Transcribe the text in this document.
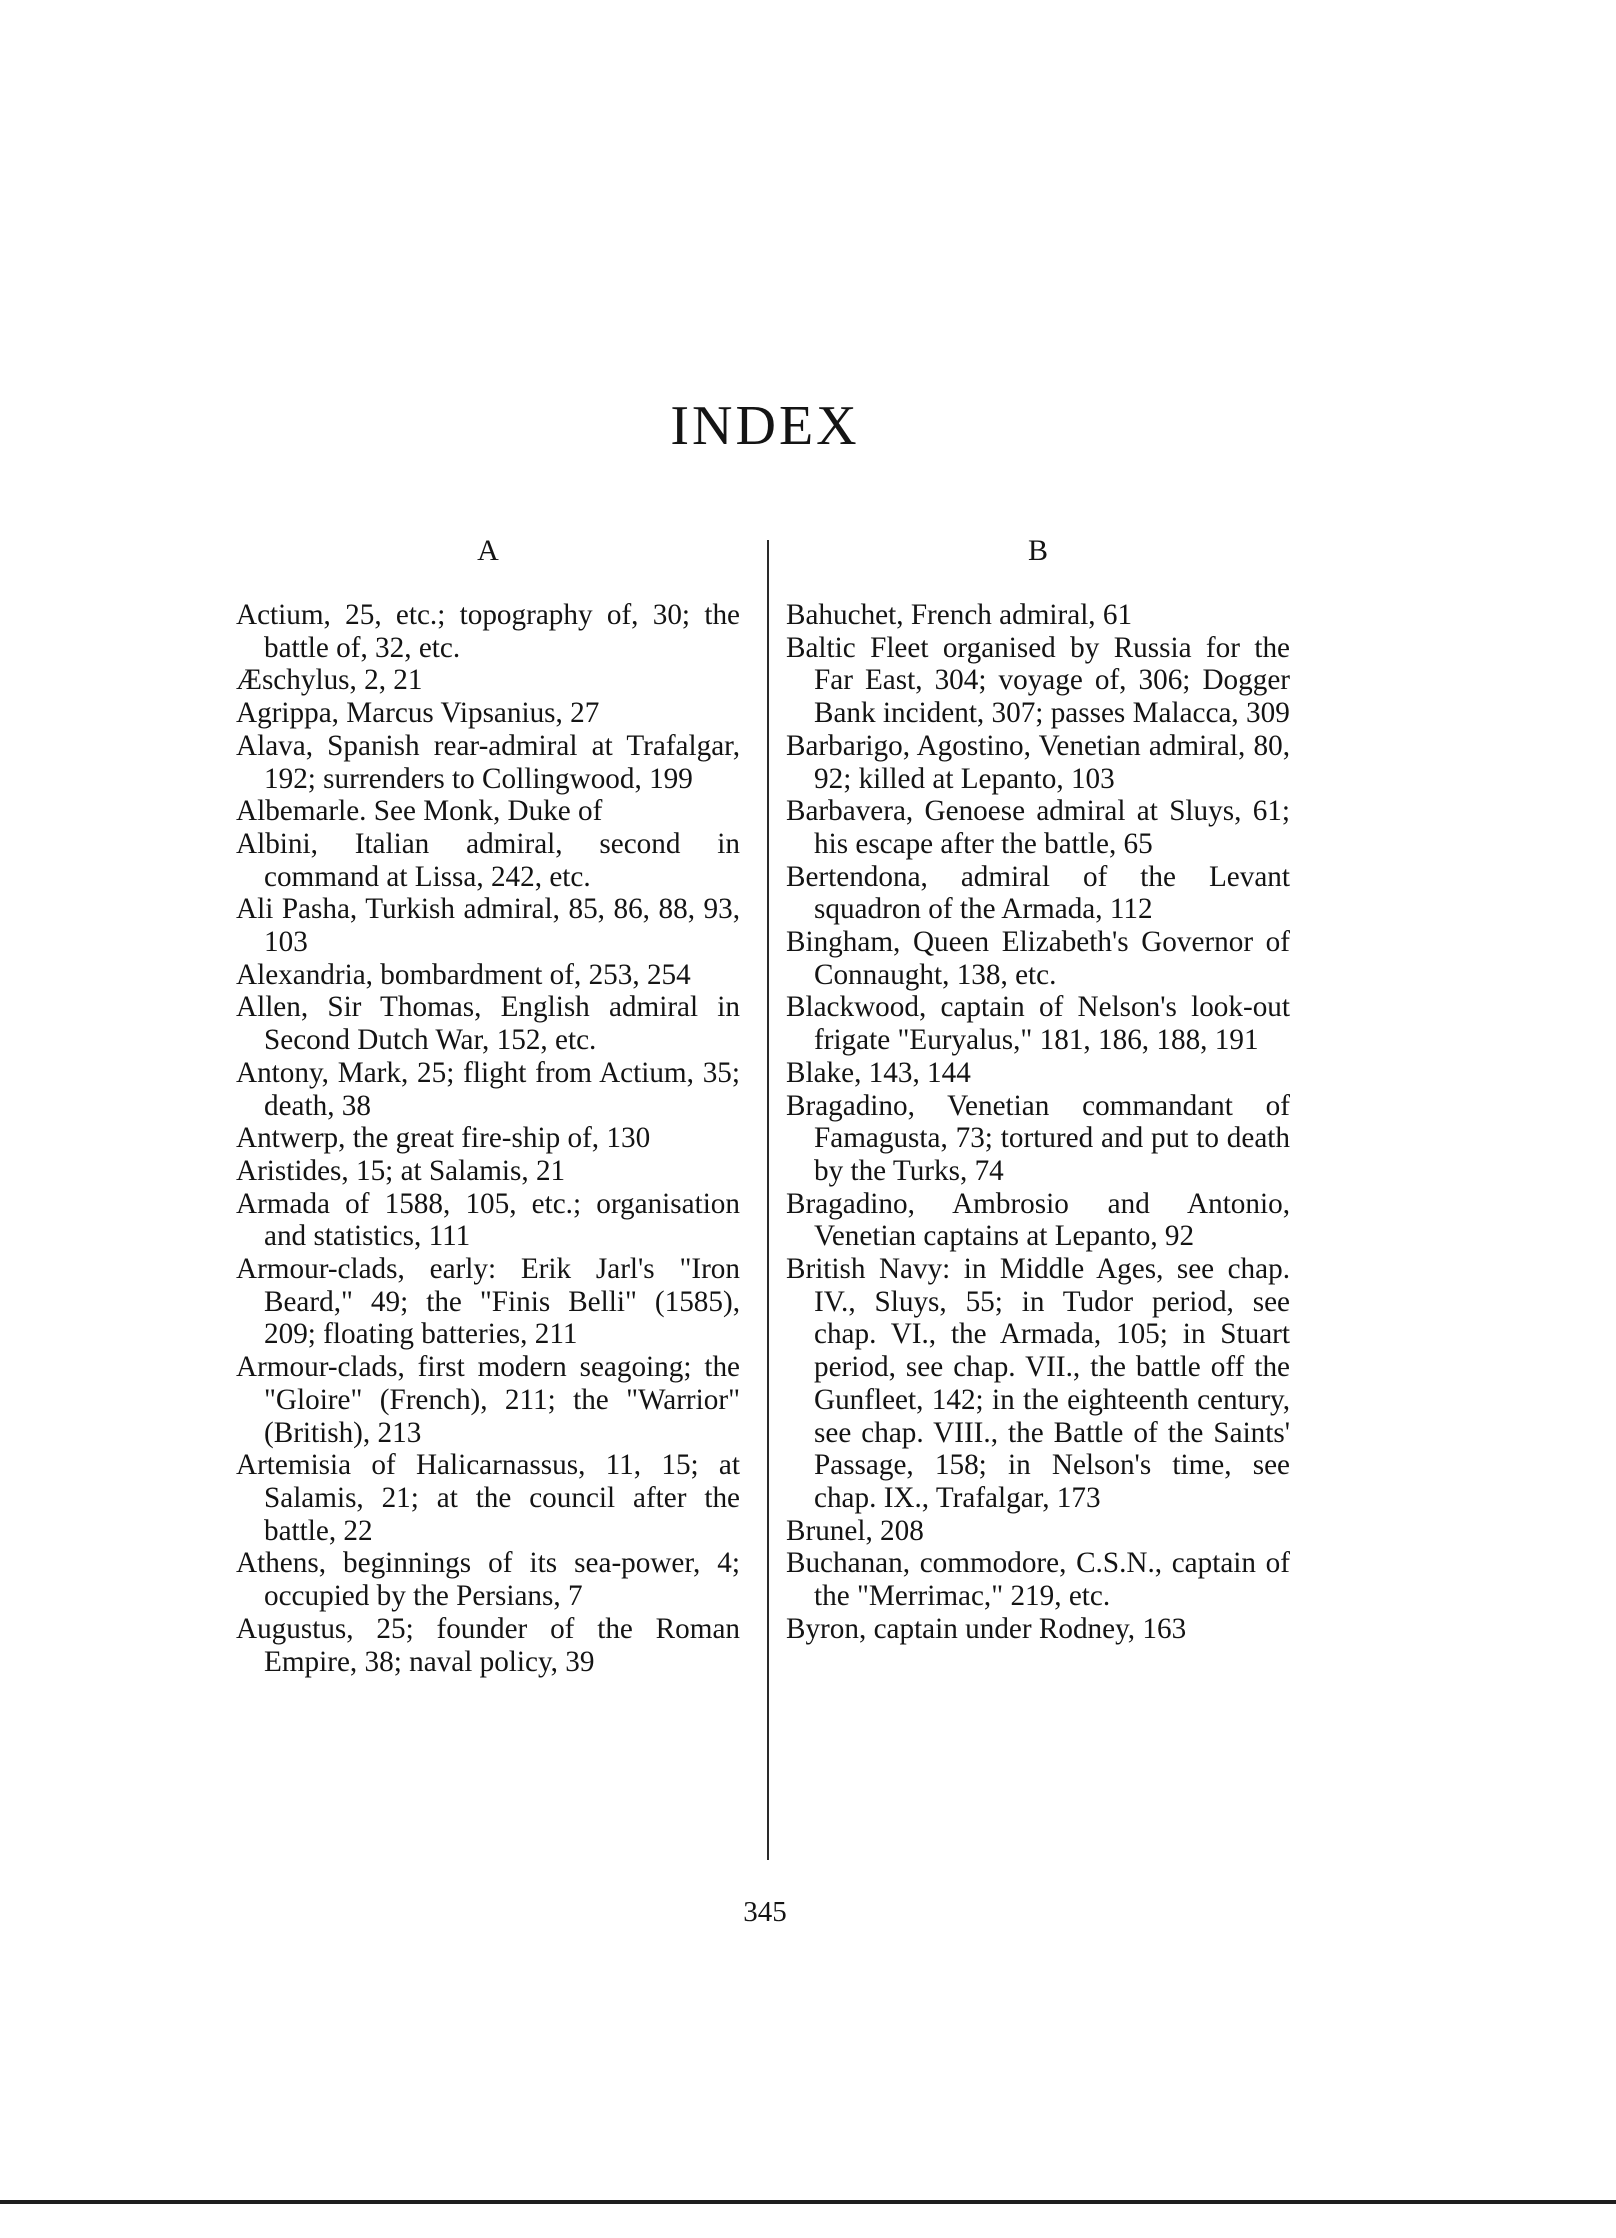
INDEX
A
Actium, 25, etc.; topography of, 30; the battle of, 32, etc.
Æschylus, 2, 21
Agrippa, Marcus Vipsanius, 27
Alava, Spanish rear-admiral at Trafalgar, 192; surrenders to Collingwood, 199
Albemarle. See Monk, Duke of
Albini, Italian admiral, second in command at Lissa, 242, etc.
Ali Pasha, Turkish admiral, 85, 86, 88, 93, 103
Alexandria, bombardment of, 253, 254
Allen, Sir Thomas, English admiral in Second Dutch War, 152, etc.
Antony, Mark, 25; flight from Actium, 35; death, 38
Antwerp, the great fire-ship of, 130
Aristides, 15; at Salamis, 21
Armada of 1588, 105, etc.; organisation and statistics, 111
Armour-clads, early: Erik Jarl's "Iron Beard," 49; the "Finis Belli" (1585), 209; floating batteries, 211
Armour-clads, first modern seagoing; the "Gloire" (French), 211; the "Warrior" (British), 213
Artemisia of Halicarnassus, 11, 15; at Salamis, 21; at the council after the battle, 22
Athens, beginnings of its sea-power, 4; occupied by the Persians, 7
Augustus, 25; founder of the Roman Empire, 38; naval policy, 39
B
Bahuchet, French admiral, 61
Baltic Fleet organised by Russia for the Far East, 304; voyage of, 306; Dogger Bank incident, 307; passes Malacca, 309
Barbarigo, Agostino, Venetian admiral, 80, 92; killed at Lepanto, 103
Barbavera, Genoese admiral at Sluys, 61; his escape after the battle, 65
Bertendona, admiral of the Levant squadron of the Armada, 112
Bingham, Queen Elizabeth's Governor of Connaught, 138, etc.
Blackwood, captain of Nelson's look-out frigate "Euryalus," 181, 186, 188, 191
Blake, 143, 144
Bragadino, Venetian commandant of Famagusta, 73; tortured and put to death by the Turks, 74
Bragadino, Ambrosio and Antonio, Venetian captains at Lepanto, 92
British Navy: in Middle Ages, see chap. IV., Sluys, 55; in Tudor period, see chap. VI., the Armada, 105; in Stuart period, see chap. VII., the battle off the Gunfleet, 142; in the eighteenth century, see chap. VIII., the Battle of the Saints' Passage, 158; in Nelson's time, see chap. IX., Trafalgar, 173
Brunel, 208
Buchanan, commodore, C.S.N., captain of the "Merrimac," 219, etc.
Byron, captain under Rodney, 163
345
